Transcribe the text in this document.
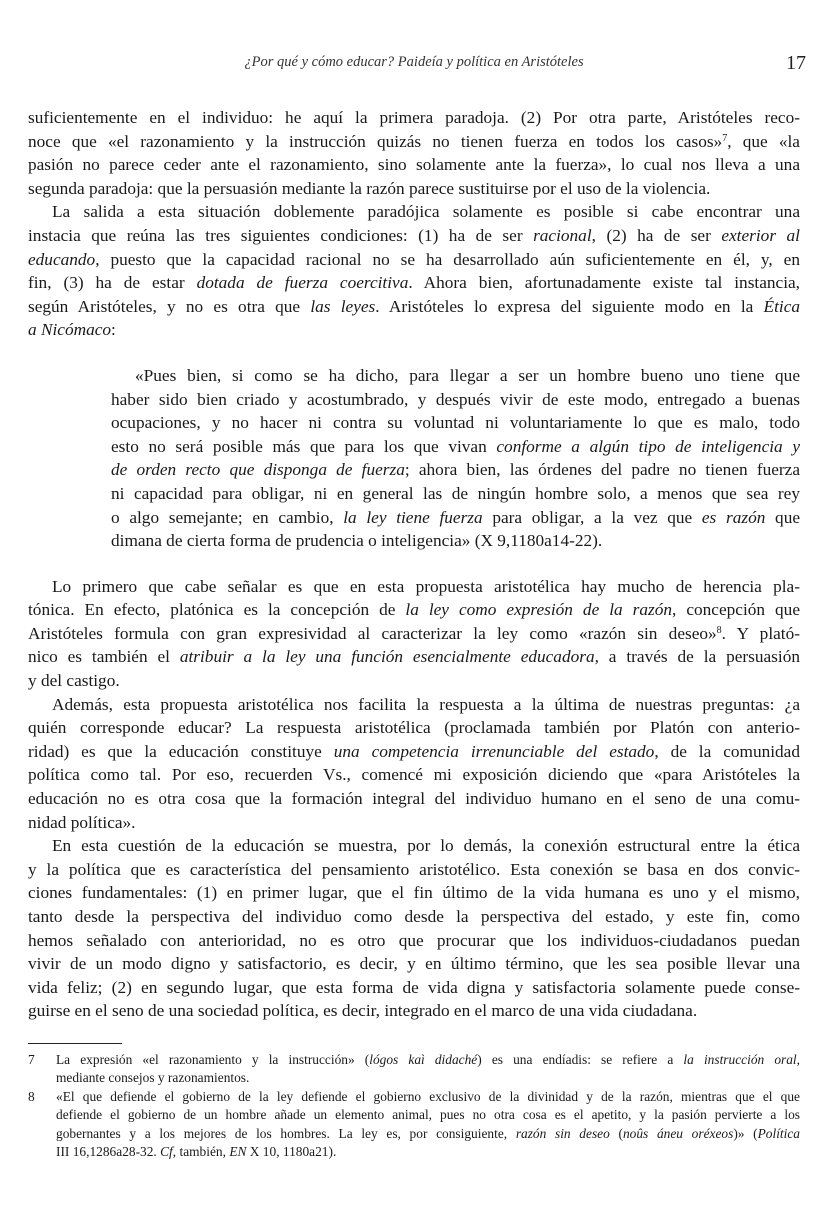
¿Por qué y cómo educar? Paideía y política en Aristóteles	17

suficientemente en el individuo: he aquí la primera paradoja. (2) Por otra parte, Aristóteles reco-
noce que «el razonamiento y la instrucción quizás no tienen fuerza en todos los casos»$^7$, que «la
pasión no parece ceder ante el razonamiento, sino solamente ante la fuerza», lo cual nos lleva a una
segunda paradoja: que la persuasión mediante la razón parece sustituirse por el uso de la violencia.

La salida a esta situación doblemente paradójica solamente es posible si cabe encontrar una
instacia que reúna las tres siguientes condiciones: (1) ha de ser racional, (2) ha de ser exterior al
educando, puesto que la capacidad racional no se ha desarrollado aún suficientemente en él, y, en
fin, (3) ha de estar dotada de fuerza coercitiva. Ahora bien, afortunadamente existe tal instancia,
según Aristóteles, y no es otra que las leyes. Aristóteles lo expresa del siguiente modo en la Ética
a Nicómaco:

«Pues bien, si como se ha dicho, para llegar a ser un hombre bueno uno tiene que
haber sido bien criado y acostumbrado, y después vivir de este modo, entregado a buenas
ocupaciones, y no hacer ni contra su voluntad ni voluntariamente lo que es malo, todo
esto no será posible más que para los que vivan conforme a algún tipo de inteligencia y
de orden recto que disponga de fuerza; ahora bien, las órdenes del padre no tienen fuerza
ni capacidad para obligar, ni en general las de ningún hombre solo, a menos que sea rey
o algo semejante; en cambio, la ley tiene fuerza para obligar, a la vez que es razón que
dimana de cierta forma de prudencia o inteligencia» (X 9,1180a14-22).

Lo primero que cabe señalar es que en esta propuesta aristotélica hay mucho de herencia pla-
tónica. En efecto, platónica es la concepción de la ley como expresión de la razón, concepción que
Aristóteles formula con gran expresividad al caracterizar la ley como «razón sin deseo»$^8$. Y plató-
nico es también el atribuir a la ley una función esencialmente educadora, a través de la persuasión
y del castigo.

Además, esta propuesta aristotélica nos facilita la respuesta a la última de nuestras preguntas: ¿a
quién corresponde educar? La respuesta aristotélica (proclamada también por Platón con anterio-
ridad) es que la educación constituye una competencia irrenunciable del estado, de la comunidad
política como tal. Por eso, recuerden Vs., comencé mi exposición diciendo que «para Aristóteles la
educación no es otra cosa que la formación integral del individuo humano en el seno de una comu-
nidad política».

En esta cuestión de la educación se muestra, por lo demás, la conexión estructural entre la ética
y la política que es característica del pensamiento aristotélico. Esta conexión se basa en dos convic-
ciones fundamentales: (1) en primer lugar, que el fin último de la vida humana es uno y el mismo,
tanto desde la perspectiva del individuo como desde la perspectiva del estado, y este fin, como
hemos señalado con anterioridad, no es otro que procurar que los individuos-ciudadanos puedan
vivir de un modo digno y satisfactorio, es decir, y en último término, que les sea posible llevar una
vida feliz; (2) en segundo lugar, que esta forma de vida digna y satisfactoria solamente puede conse-
guirse en el seno de una sociedad política, es decir, integrado en el marco de una vida ciudadana.

7 La expresión «el razonamiento y la instrucción» (lógos kaì didaché) es una endíadis: se refiere a la instrucción oral,
mediante consejos y razonamientos.
8 «El que defiende el gobierno de la ley defiende el gobierno exclusivo de la divinidad y de la razón, mientras que el que
defiende el gobierno de un hombre añade un elemento animal, pues no otra cosa es el apetito, y la pasión pervierte a los
gobernantes y a los mejores de los hombres. La ley es, por consiguiente, razón sin deseo (noûs áneu oréxeos)» (Política
III 16,1286a28-32. Cf, también, EN X 10, 1180a21).
